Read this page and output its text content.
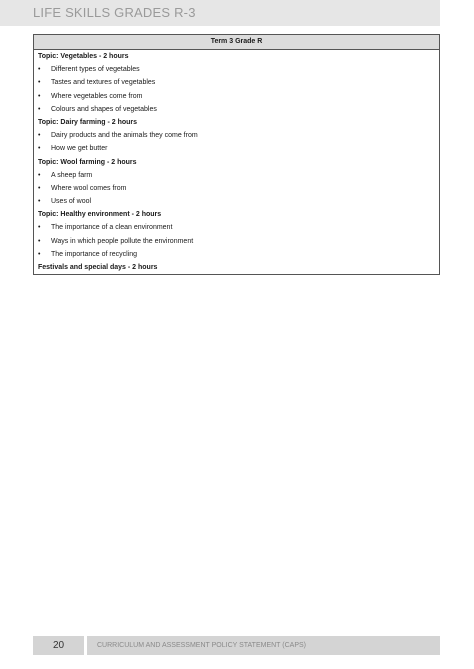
LIFE SKILLS GRADES R-3
Term 3 Grade R
Topic: Vegetables - 2 hours
• Different types of vegetables
• Tastes and textures of vegetables
• Where vegetables come from
• Colours and shapes of vegetables
Topic: Dairy farming - 2 hours
• Dairy products and the animals they come from
• How we get butter
Topic: Wool farming - 2 hours
• A sheep farm
• Where wool comes from
• Uses of wool
Topic: Healthy environment - 2 hours
• The importance of a clean environment
• Ways in which people pollute the environment
• The importance of recycling
Festivals and special days - 2 hours
20	CURRICULUM AND ASSESSMENT POLICY STATEMENT (CAPS)
